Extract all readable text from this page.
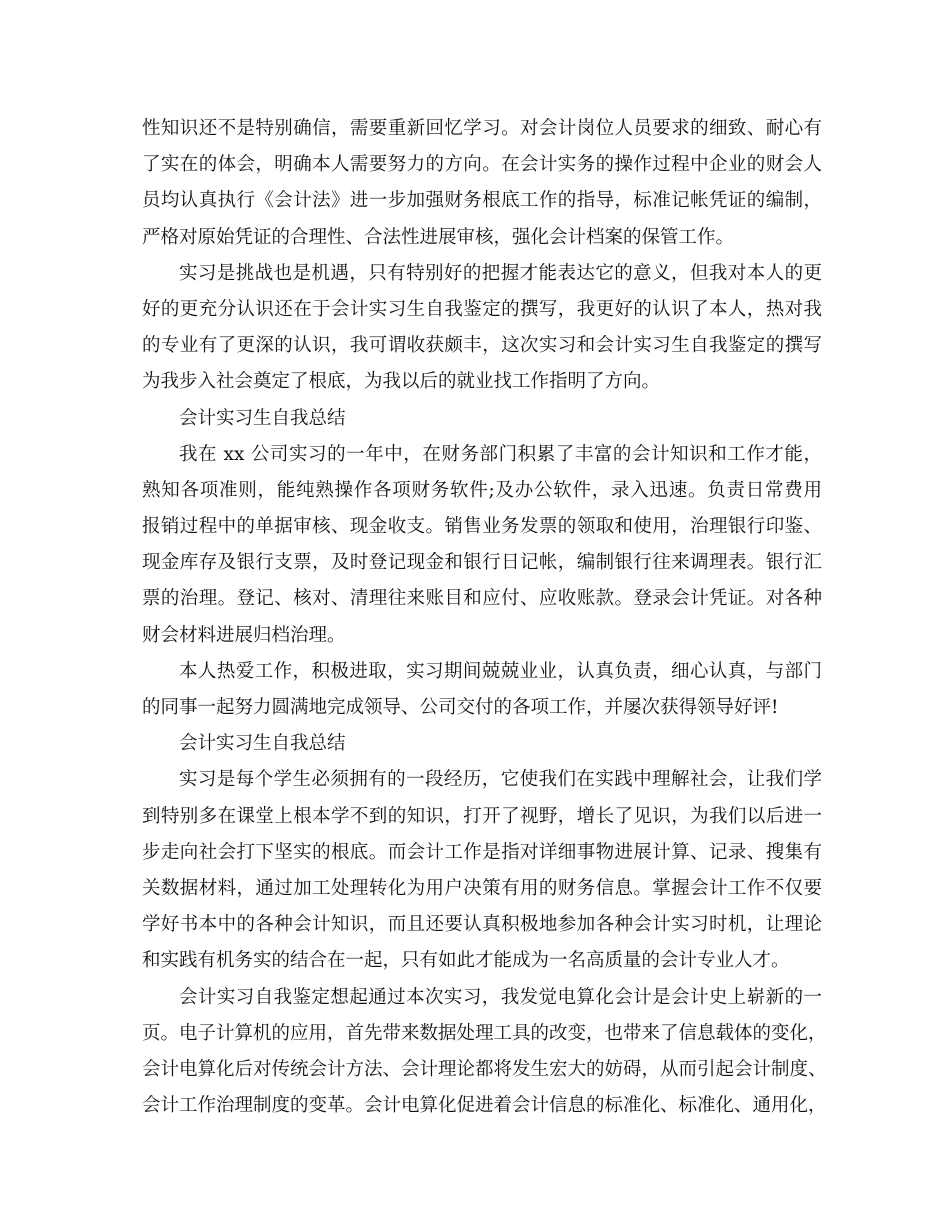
性知识还不是特别确信，需要重新回忆学习。对会计岗位人员要求的细致、耐心有
了实在的体会，明确本人需要努力的方向。在会计实务的操作过程中企业的财会人
员均认真执行《会计法》进一步加强财务根底工作的指导，标准记帐凭证的编制，
严格对原始凭证的合理性、合法性进展审核，强化会计档案的保管工作。
实习是挑战也是机遇，只有特别好的把握才能表达它的意义，但我对本人的更
好的更充分认识还在于会计实习生自我鉴定的撰写，我更好的认识了本人，热对我
的专业有了更深的认识，我可谓收获颇丰，这次实习和会计实习生自我鉴定的撰写
为我步入社会奠定了根底，为我以后的就业找工作指明了方向。
会计实习生自我总结
我在 xx 公司实习的一年中，在财务部门积累了丰富的会计知识和工作才能，
熟知各项准则，能纯熟操作各项财务软件;及办公软件，录入迅速。负责日常费用
报销过程中的单据审核、现金收支。销售业务发票的领取和使用，治理银行印鉴、
现金库存及银行支票，及时登记现金和银行日记帐，编制银行往来调理表。银行汇
票的治理。登记、核对、清理往来账目和应付、应收账款。登录会计凭证。对各种
财会材料进展归档治理。
本人热爱工作，积极进取，实习期间兢兢业业，认真负责，细心认真，与部门
的同事一起努力圆满地完成领导、公司交付的各项工作，并屡次获得领导好评!
会计实习生自我总结
实习是每个学生必须拥有的一段经历，它使我们在实践中理解社会，让我们学
到特别多在课堂上根本学不到的知识，打开了视野，增长了见识，为我们以后进一
步走向社会打下坚实的根底。而会计工作是指对详细事物进展计算、记录、搜集有
关数据材料，通过加工处理转化为用户决策有用的财务信息。掌握会计工作不仅要
学好书本中的各种会计知识，而且还要认真积极地参加各种会计实习时机，让理论
和实践有机务实的结合在一起，只有如此才能成为一名高质量的会计专业人才。
会计实习自我鉴定想起通过本次实习，我发觉电算化会计是会计史上崭新的一
页。电子计算机的应用，首先带来数据处理工具的改变，也带来了信息载体的变化，
会计电算化后对传统会计方法、会计理论都将发生宏大的妨碍，从而引起会计制度、
会计工作治理制度的变革。会计电算化促进着会计信息的标准化、标准化、通用化，
